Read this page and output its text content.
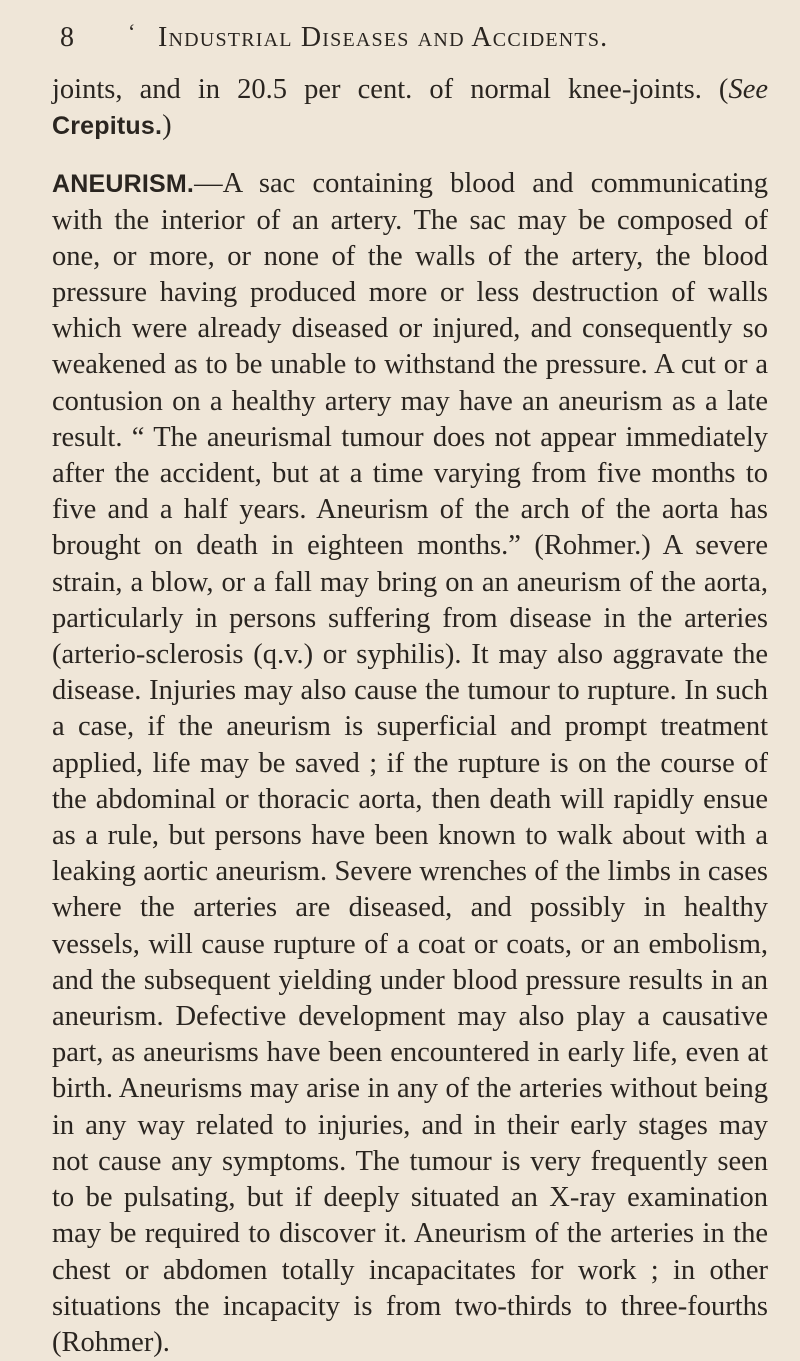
8 ‘ Industrial Diseases and Accidents.

joints, and in 20.5 per cent. of normal knee-joints. (See Crepitus.)

ANEURISM.—A sac containing blood and communicating with the interior of an artery. The sac may be composed of one, or more, or none of the walls of the artery, the blood pressure having produced more or less destruction of walls which were already diseased or injured, and consequently so weakened as to be unable to withstand the pressure. A cut or a contusion on a healthy artery may have an aneurism as a late result. “ The aneurismal tumour does not appear immediately after the accident, but at a time varying from five months to five and a half years. Aneurism of the arch of the aorta has brought on death in eighteen months.” (Rohmer.) A severe strain, a blow, or a fall may bring on an aneurism of the aorta, particularly in persons suffering from disease in the arteries (arterio-sclerosis (q.v.) or syphilis). It may also aggravate the disease. Injuries may also cause the tumour to rupture. In such a case, if the aneurism is superficial and prompt treatment applied, life may be saved ; if the rupture is on the course of the abdominal or thoracic aorta, then death will rapidly ensue as a rule, but persons have been known to walk about with a leaking aortic aneurism. Severe wrenches of the limbs in cases where the arteries are diseased, and possibly in healthy vessels, will cause rupture of a coat or coats, or an embolism, and the subsequent yielding under blood pressure results in an aneurism. Defective development may also play a causative part, as aneurisms have been encountered in early life, even at birth. Aneurisms may arise in any of the arteries without being in any way related to injuries, and in their early stages may not cause any symptoms. The tumour is very frequently seen to be pulsating, but if deeply situated an X-ray examination may be required to discover it. Aneurism of the arteries in the chest or abdomen totally incapacitates for work ; in other situations the incapacity is from two-thirds to three-fourths (Rohmer).
